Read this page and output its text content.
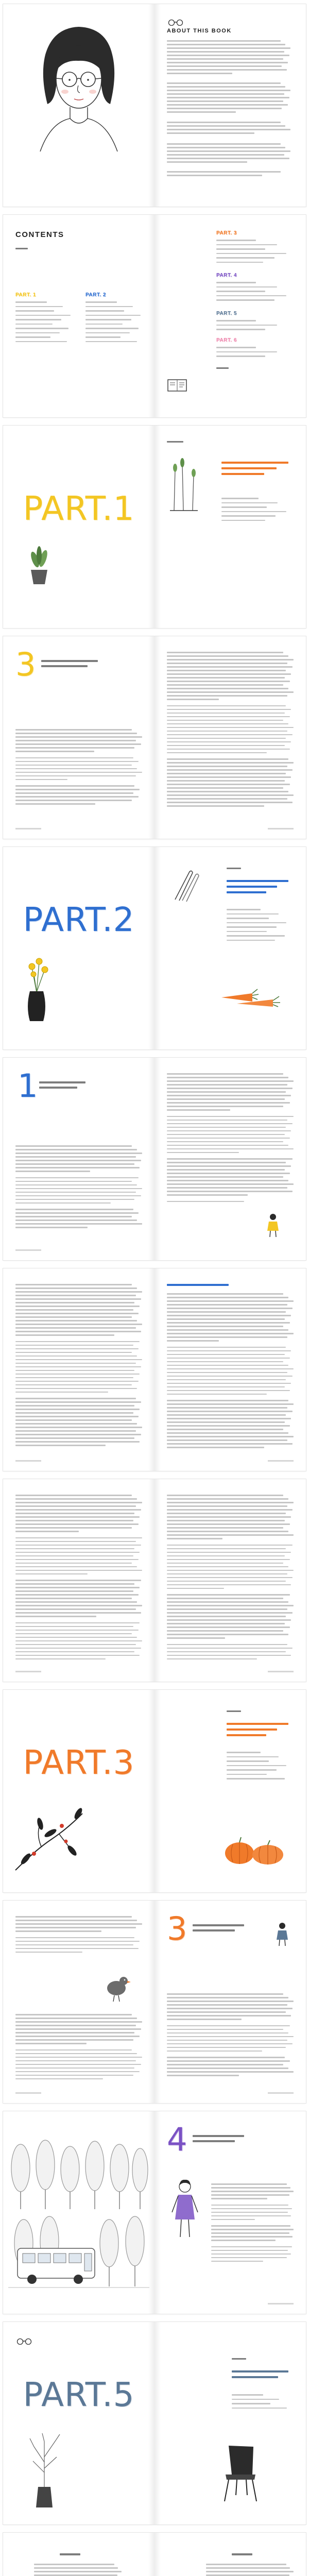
ABOUT THIS BOOK
CONTENTS
PART. 1	PART. 2
PART. 3
PART. 4
PART. 5
PART. 6
PART.1
3
PART.2
1
PART.3
3
4
PART.5
